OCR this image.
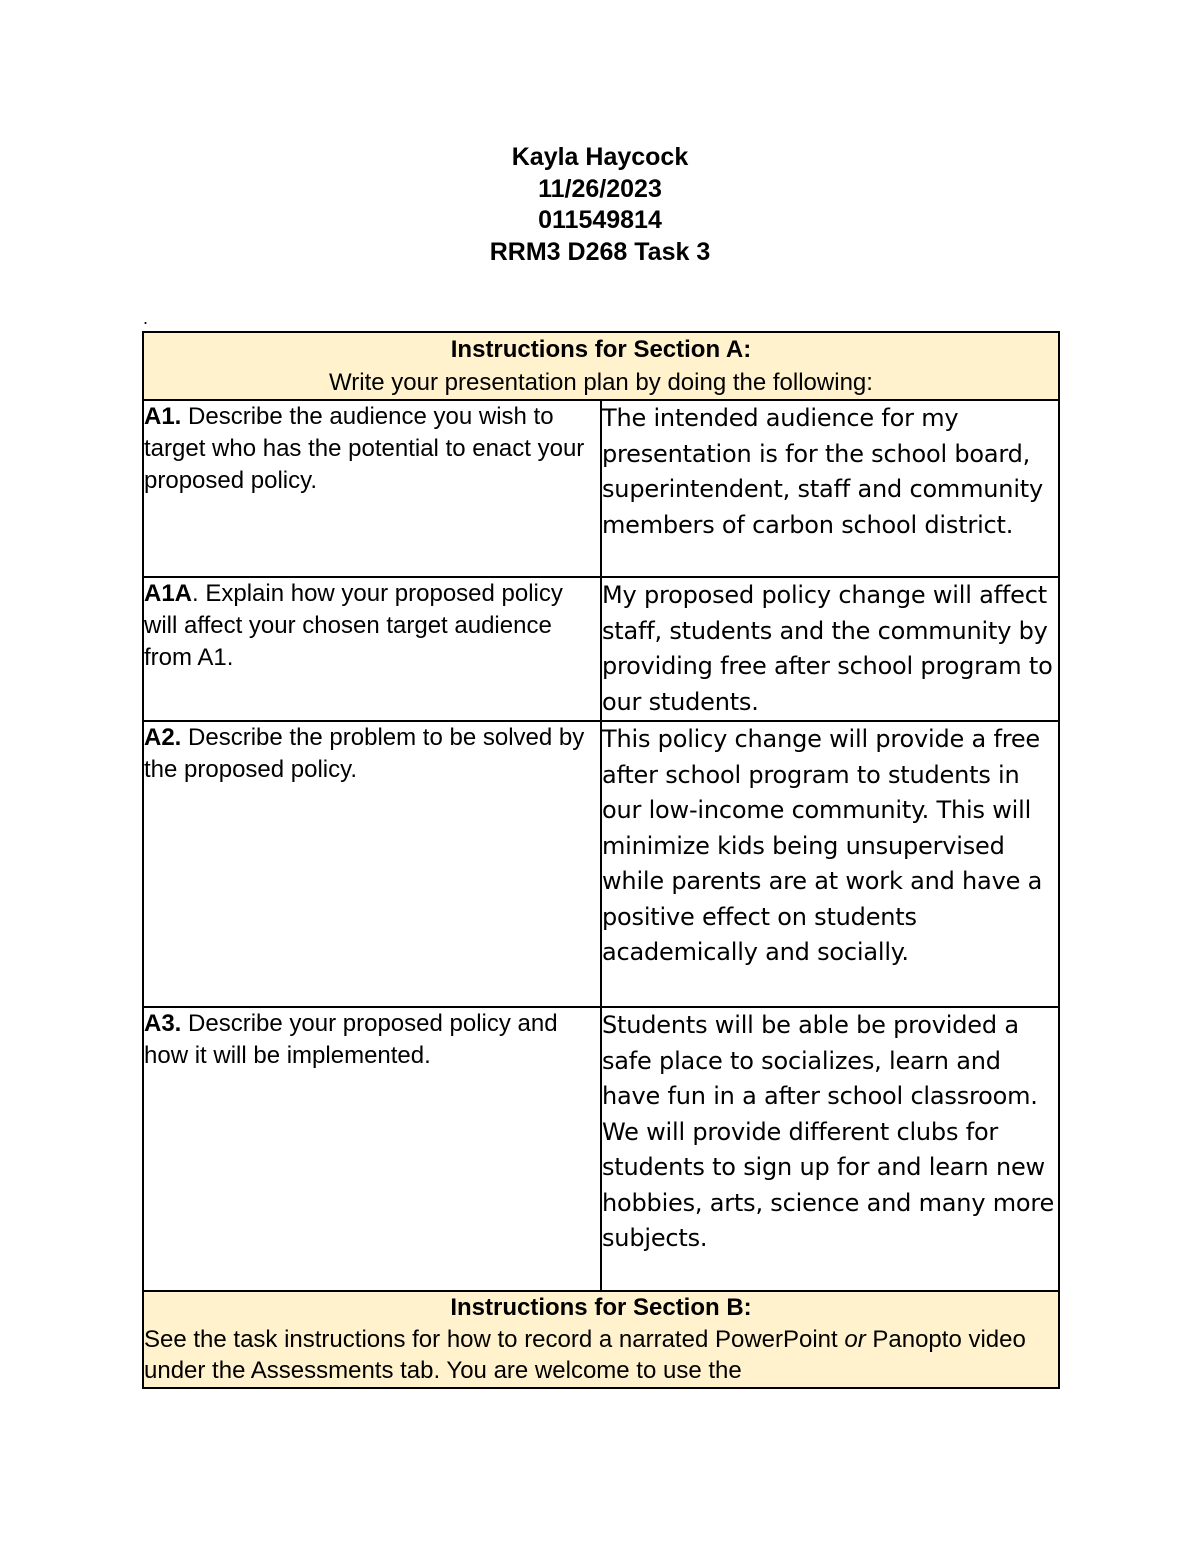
Kayla Haycock
11/26/2023
011549814
RRM3 D268 Task 3
.
Instructions for Section A:
Write your presentation plan by doing the following:	

A1. Describe the audience you wish to target who has the potential to enact your proposed policy.	The intended audience for my presentation is for the school board, superintendent, staff and community members of carbon school district.
A1A. Explain how your proposed policy will affect your chosen target audience from A1.	My proposed policy change will affect staff, students and the community by providing free after school program to our students.
A2. Describe the problem to be solved by the proposed policy.	This policy change will provide a free after school program to students in our low-income community. This will minimize kids being unsupervised while parents are at work and have a positive effect on students academically and socially.
A3. Describe your proposed policy and how it will be implemented.	Students will be able be provided a safe place to socializes, learn and have fun in a after school classroom. We will provide different clubs for students to sign up for and learn new hobbies, arts, science and many more subjects.

Instructions for Section B:
See the task instructions for how to record a narrated PowerPoint or Panopto video under the Assessments tab. You are welcome to use the	
